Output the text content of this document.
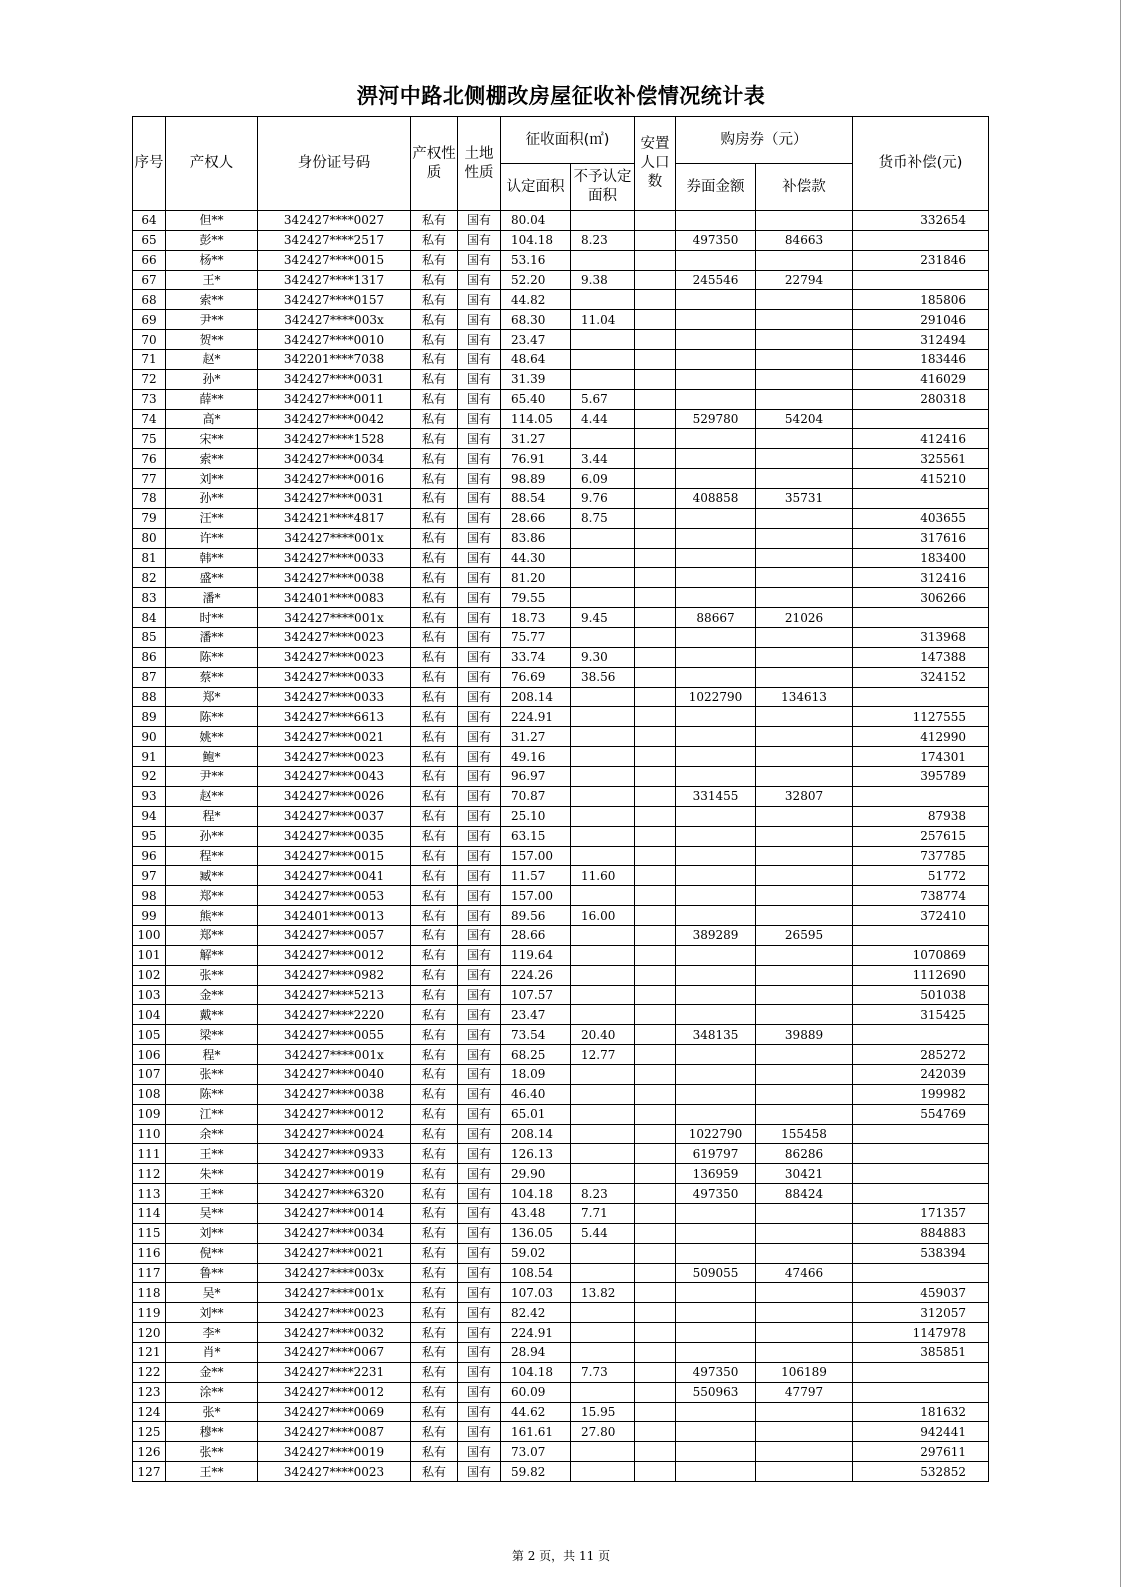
淠河中路北侧棚改房屋征收补偿情况统计表
序号	产权人	身份证号码	产权性质	土地性质	征收面积(㎡)		安置人口数	购房券（元）		货币补偿(元)
					认定面积	不予认定面积		券面金额	补偿款	
64	但**	342427****0027	私有	国有	80.04					332654
65	彭**	342427****2517	私有	国有	104.18	8.23		497350	84663	
66	杨**	342427****0015	私有	国有	53.16					231846
67	王*	342427****1317	私有	国有	52.20	9.38		245546	22794	
68	索**	342427****0157	私有	国有	44.82					185806
69	尹**	342427****003x	私有	国有	68.30	11.04				291046
70	贺**	342427****0010	私有	国有	23.47					312494
71	赵*	342201****7038	私有	国有	48.64					183446
72	孙*	342427****0031	私有	国有	31.39					416029
73	薛**	342427****0011	私有	国有	65.40	5.67				280318
74	高*	342427****0042	私有	国有	114.05	4.44		529780	54204	
75	宋**	342427****1528	私有	国有	31.27					412416
76	索**	342427****0034	私有	国有	76.91	3.44				325561
77	刘**	342427****0016	私有	国有	98.89	6.09				415210
78	孙**	342427****0031	私有	国有	88.54	9.76		408858	35731	
79	汪**	342421****4817	私有	国有	28.66	8.75				403655
80	许**	342427****001x	私有	国有	83.86					317616
81	韩**	342427****0033	私有	国有	44.30					183400
82	盛**	342427****0038	私有	国有	81.20					312416
83	潘*	342401****0083	私有	国有	79.55					306266
84	时**	342427****001x	私有	国有	18.73	9.45		88667	21026	
85	潘**	342427****0023	私有	国有	75.77					313968
86	陈**	342427****0023	私有	国有	33.74	9.30				147388
87	蔡**	342427****0033	私有	国有	76.69	38.56				324152
88	郑*	342427****0033	私有	国有	208.14			1022790	134613	
89	陈**	342427****6613	私有	国有	224.91					1127555
90	姚**	342427****0021	私有	国有	31.27					412990
91	鲍*	342427****0023	私有	国有	49.16					174301
92	尹**	342427****0043	私有	国有	96.97					395789
93	赵**	342427****0026	私有	国有	70.87			331455	32807	
94	程*	342427****0037	私有	国有	25.10					87938
95	孙**	342427****0035	私有	国有	63.15					257615
96	程**	342427****0015	私有	国有	157.00					737785
97	臧**	342427****0041	私有	国有	11.57	11.60				51772
98	郑**	342427****0053	私有	国有	157.00					738774
99	熊**	342401****0013	私有	国有	89.56	16.00				372410
100	郑**	342427****0057	私有	国有	28.66			389289	26595	
101	解**	342427****0012	私有	国有	119.64					1070869
102	张**	342427****0982	私有	国有	224.26					1112690
103	金**	342427****5213	私有	国有	107.57					501038
104	戴**	342427****2220	私有	国有	23.47					315425
105	梁**	342427****0055	私有	国有	73.54	20.40		348135	39889	
106	程*	342427****001x	私有	国有	68.25	12.77				285272
107	张**	342427****0040	私有	国有	18.09					242039
108	陈**	342427****0038	私有	国有	46.40					199982
109	江**	342427****0012	私有	国有	65.01					554769
110	余**	342427****0024	私有	国有	208.14			1022790	155458	
111	王**	342427****0933	私有	国有	126.13			619797	86286	
112	朱**	342427****0019	私有	国有	29.90			136959	30421	
113	王**	342427****6320	私有	国有	104.18	8.23		497350	88424	
114	吴**	342427****0014	私有	国有	43.48	7.71				171357
115	刘**	342427****0034	私有	国有	136.05	5.44				884883
116	倪**	342427****0021	私有	国有	59.02					538394
117	鲁**	342427****003x	私有	国有	108.54			509055	47466	
118	吴*	342427****001x	私有	国有	107.03	13.82				459037
119	刘**	342427****0023	私有	国有	82.42					312057
120	李*	342427****0032	私有	国有	224.91					1147978
121	肖*	342427****0067	私有	国有	28.94					385851
122	金**	342427****2231	私有	国有	104.18	7.73		497350	106189	
123	涂**	342427****0012	私有	国有	60.09			550963	47797	
124	张*	342427****0069	私有	国有	44.62	15.95				181632
125	穆**	342427****0087	私有	国有	161.61	27.80				942441
126	张**	342427****0019	私有	国有	73.07					297611
127	王**	342427****0023	私有	国有	59.82					532852
第 2 页，共 11 页
